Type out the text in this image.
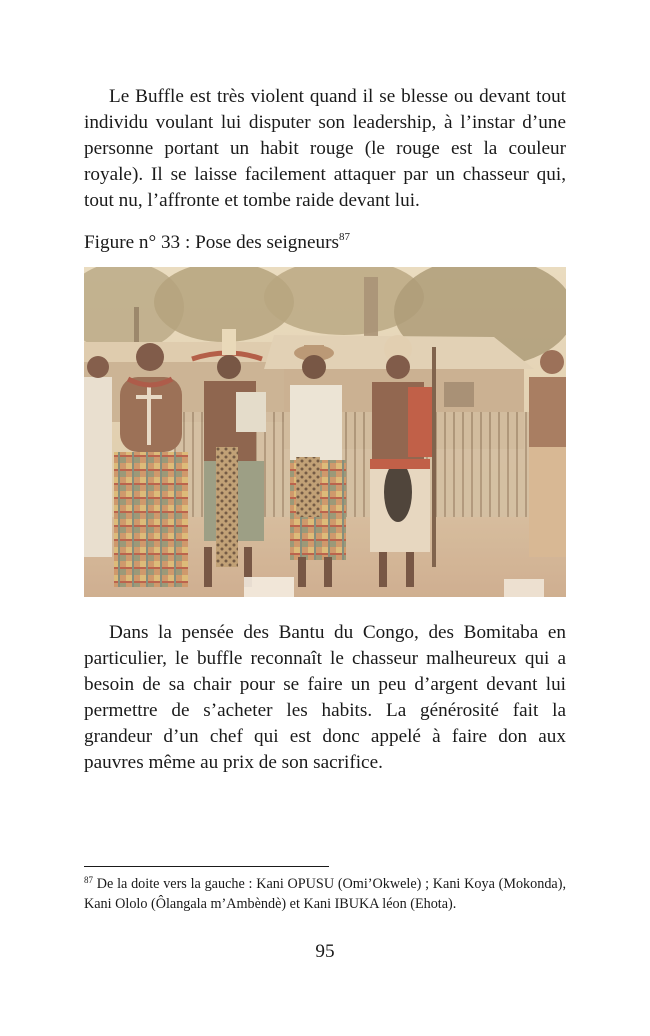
Le Buffle est très violent quand il se blesse ou devant tout individu voulant lui disputer son leadership, à l’instar d’une personne portant un habit rouge (le rouge est la couleur royale). Il se laisse facilement attaquer par un chasseur qui, tout nu, l’affronte et tombe raide devant lui.

Figure n° 33 : Pose des seigneurs$^{87}$

Dans la pensée des Bantu du Congo, des Bomitaba en particulier, le buffle reconnaît le chasseur malheureux qui a besoin de sa chair pour se faire un peu d’argent devant lui permettre de s’acheter les habits. La générosité fait la grandeur d’un chef qui est donc appelé à faire don aux pauvres même au prix de son sacrifice.

$^{87}$ De la doite vers la gauche : Kani OPUSU (Omi’Okwele) ; Kani Koya (Mokonda), Kani Ololo (Ôlangala m’Ambèndè) et Kani IBUKA léon (Ehota).

95
